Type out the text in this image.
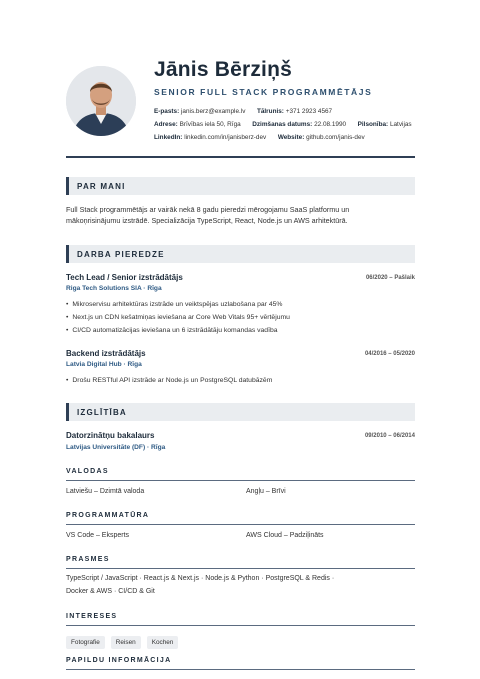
Jānis Bērziņš
SENIOR FULL STACK PROGRAMMĒTĀJS
E-pasts: janis.berz@example.lv Tālrunis: +371 2923 4567
Adrese: Brīvības iela 50, Rīga Dzimšanas datums: 22.08.1990 Pilsonība: Latvijas
LinkedIn: linkedin.com/in/janisberz-dev Website: github.com/janis-dev
PAR MANI
Full Stack programmētājs ar vairāk nekā 8 gadu pieredzi mērogojamu SaaS platformu un
mākoņrisinājumu izstrādē. Specializācija TypeScript, React, Node.js un AWS arhitektūrā.
DARBA PIEREDZE
Tech Lead / Senior izstrādātājs	06/2020 – Pašlaik
Riga Tech Solutions SIA · Rīga
• Mikroservisu arhitektūras izstrāde un veiktspējas uzlabošana par 45%
• Next.js un CDN kešatmiņas ieviešana ar Core Web Vitals 95+ vērtējumu
• CI/CD automatizācijas ieviešana un 6 izstrādātāju komandas vadība
Backend izstrādātājs	04/2016 – 05/2020
Latvia Digital Hub · Rīga
• Drošu RESTful API izstrāde ar Node.js un PostgreSQL datubāzēm
IZGLĪTĪBA
Datorzinātņu bakalaurs	09/2010 – 06/2014
Latvijas Universitāte (DF) · Rīga
VALODAS
Latviešu – Dzimtā valoda	Angļu – Brīvi
PROGRAMMATŪRA
VS Code – Eksperts	AWS Cloud – Padziļināts
PRASMES
TypeScript / JavaScript · React.js & Next.js · Node.js & Python · PostgreSQL & Redis ·
Docker & AWS · CI/CD & Git
INTERESES
Fotografie	Reisen	Kochen
PAPILDU INFORMĀCIJA
